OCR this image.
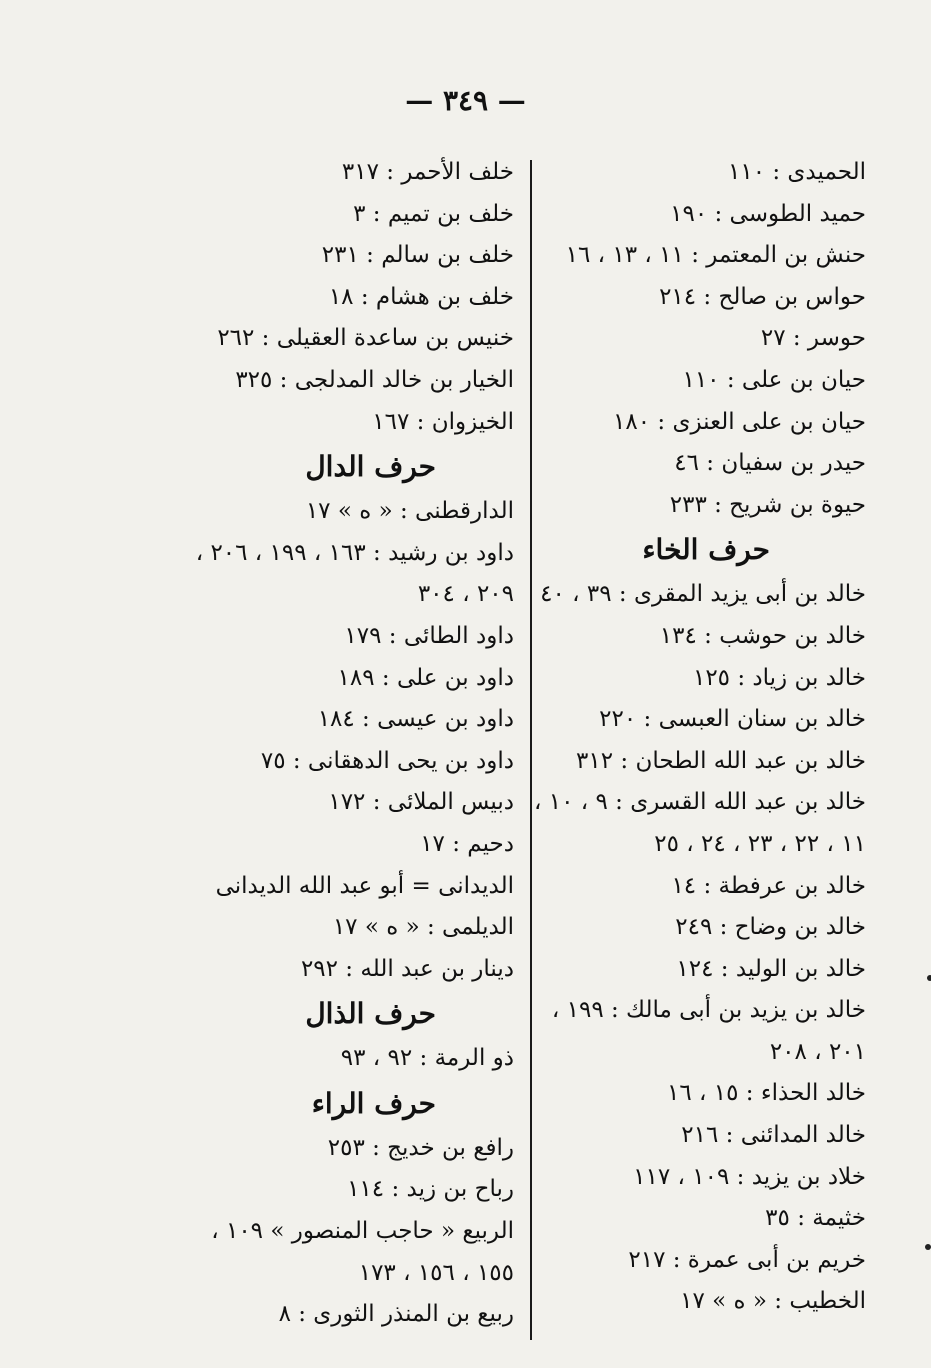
— ٣٤٩ —
الحميدى : ١١٠
حميد الطوسى : ١٩٠
حنش بن المعتمر : ١١ ، ١٣ ، ١٦
حواس بن صالح : ٢١٤
حوسر : ٢٧
حيان بن على : ١١٠
حيان بن على العنزى : ١٨٠
حيدر بن سفيان : ٤٦
حيوة بن شريح : ٢٣٣
حرف الخاء
خالد بن أبى يزيد المقرى : ٣٩ ، ٤٠
خالد بن حوشب : ١٣٤
خالد بن زياد : ١٢٥
خالد بن سنان العبسى : ٢٢٠
خالد بن عبد الله الطحان : ٣١٢
خالد بن عبد الله القسرى : ٩ ، ١٠ ،
١١ ، ٢٢ ، ٢٣ ، ٢٤ ، ٢٥
خالد بن عرفطة : ١٤
خالد بن وضاح : ٢٤٩
خالد بن الوليد : ١٢٤
خالد بن يزيد بن أبى مالك : ١٩٩ ،
٢٠١ ، ٢٠٨
خالد الحذاء : ١٥ ، ١٦
خالد المدائنى : ٢١٦
خلاد بن يزيد : ١٠٩ ، ١١٧
خثيمة : ٣٥
خريم بن أبى عمرة : ٢١٧
الخطيب : « ه » ١٧
خلف الأحمر : ٣١٧
خلف بن تميم : ٣
خلف بن سالم : ٢٣١
خلف بن هشام : ١٨
خنيس بن ساعدة العقيلى : ٢٦٢
الخيار بن خالد المدلجى : ٣٢٥
الخيزوان : ١٦٧
حرف الدال
الدارقطنى : « ه » ١٧
داود بن رشيد : ١٦٣ ، ١٩٩ ، ٢٠٦ ،
٢٠٩ ، ٣٠٤
داود الطائى : ١٧٩
داود بن على : ١٨٩
داود بن عيسى : ١٨٤
داود بن يحى الدهقانى : ٧٥
دبيس الملائى : ١٧٢
دحيم : ١٧
الديدانى = أبو عبد الله الديدانى
الديلمى : « ه » ١٧
دينار بن عبد الله : ٢٩٢
حرف الذال
ذو الرمة : ٩٢ ، ٩٣
حرف الراء
رافع بن خديج : ٢٥٣
رباح بن زيد : ١١٤
الربيع « حاجب المنصور » ١٠٩ ،
١٥٥ ، ١٥٦ ، ١٧٣
ربيع بن المنذر الثورى : ٨
